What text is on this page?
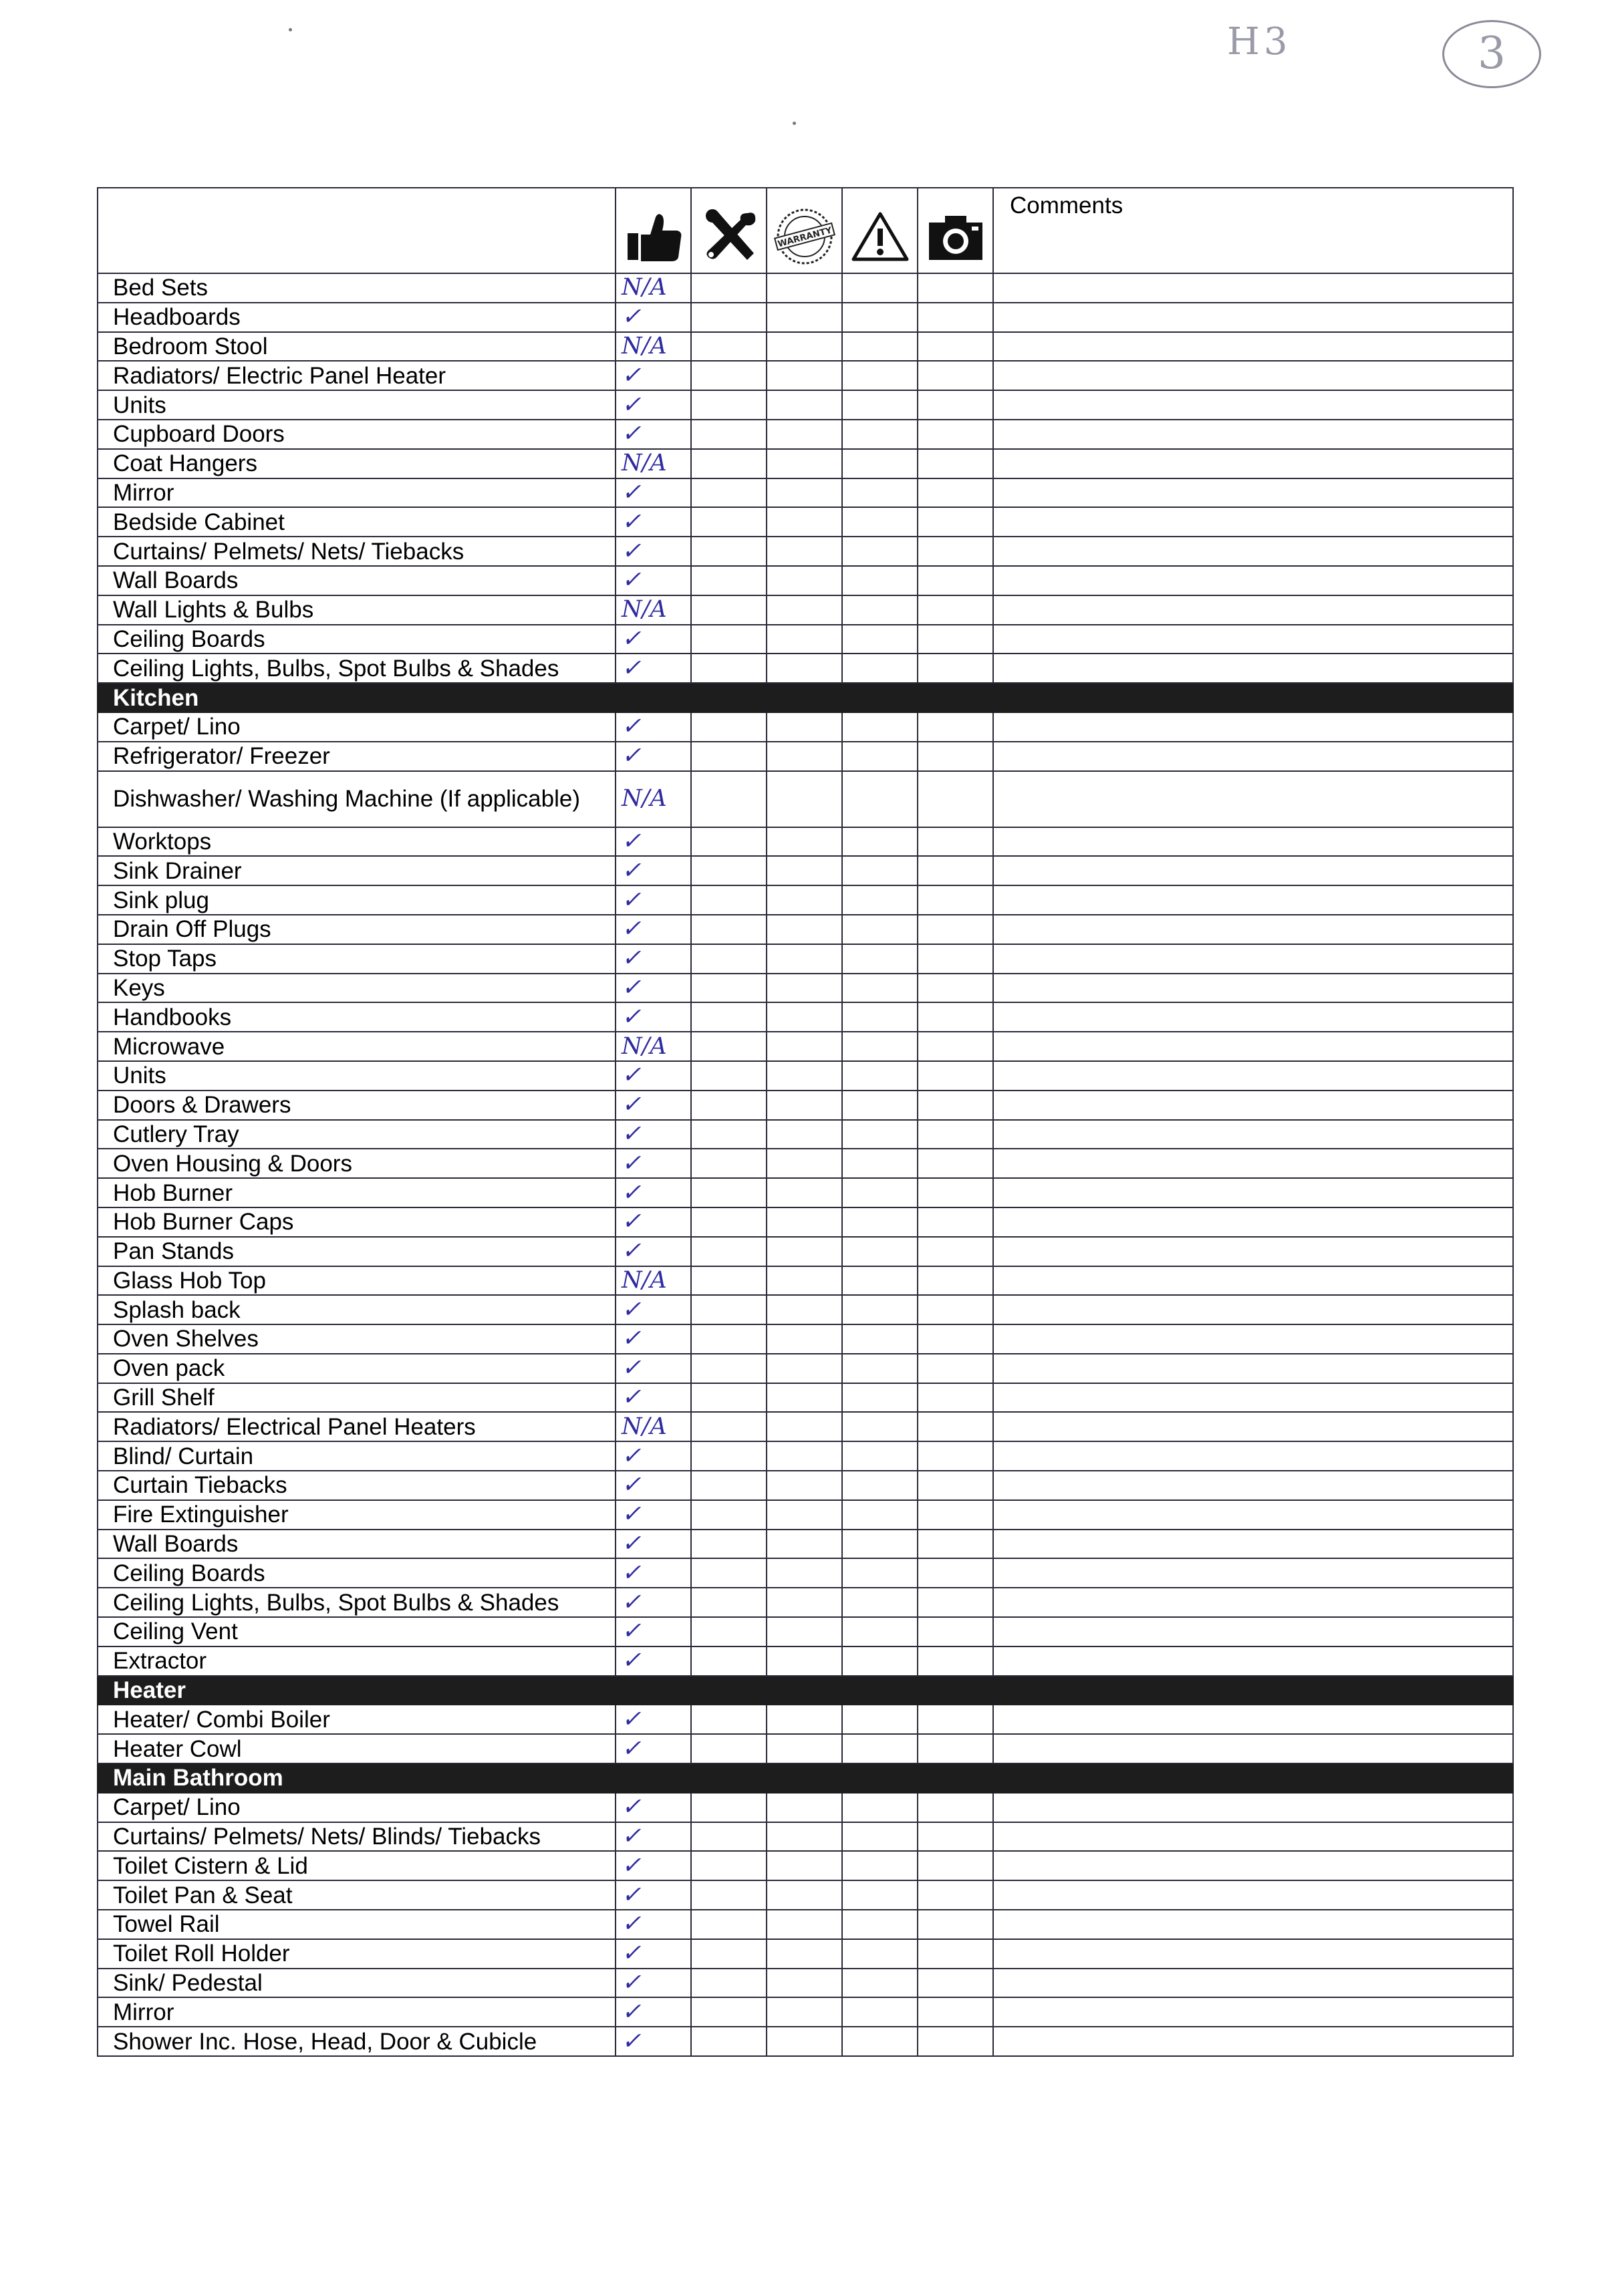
H3	3

WARRANTY			Comments
Bed Sets	N/A					
Headboards	✓					
Bedroom Stool	N/A					
Radiators/ Electric Panel Heater	✓					
Units	✓					
Cupboard Doors	✓					
Coat Hangers	N/A					
Mirror	✓					
Bedside Cabinet	✓					
Curtains/ Pelmets/ Nets/ Tiebacks	✓					
Wall Boards	✓					
Wall Lights & Bulbs	N/A					
Ceiling Boards	✓					
Ceiling Lights, Bulbs, Spot Bulbs & Shades	✓					
Kitchen						
Carpet/ Lino	✓					
Refrigerator/ Freezer	✓					
Dishwasher/ Washing Machine (If applicable)	N/A					
Worktops	✓					
Sink Drainer	✓					
Sink plug	✓					
Drain Off Plugs	✓					
Stop Taps	✓					
Keys	✓					
Handbooks	✓					
Microwave	N/A					
Units	✓					
Doors & Drawers	✓					
Cutlery Tray	✓					
Oven Housing & Doors	✓					
Hob Burner	✓					
Hob Burner Caps	✓					
Pan Stands	✓					
Glass Hob Top	N/A					
Splash back	✓					
Oven Shelves	✓					
Oven pack	✓					
Grill Shelf	✓					
Radiators/ Electrical Panel Heaters	N/A					
Blind/ Curtain	✓					
Curtain Tiebacks	✓					
Fire Extinguisher	✓					
Wall Boards	✓					
Ceiling Boards	✓					
Ceiling Lights, Bulbs, Spot Bulbs & Shades	✓					
Ceiling Vent	✓					
Extractor	✓					
Heater						
Heater/ Combi Boiler	✓					
Heater Cowl	✓					
Main Bathroom						
Carpet/ Lino	✓					
Curtains/ Pelmets/ Nets/ Blinds/ Tiebacks	✓					
Toilet Cistern & Lid	✓					
Toilet Pan & Seat	✓					
Towel Rail	✓					
Toilet Roll Holder	✓					
Sink/ Pedestal	✓					
Mirror	✓					
Shower Inc. Hose, Head, Door & Cubicle	✓					
